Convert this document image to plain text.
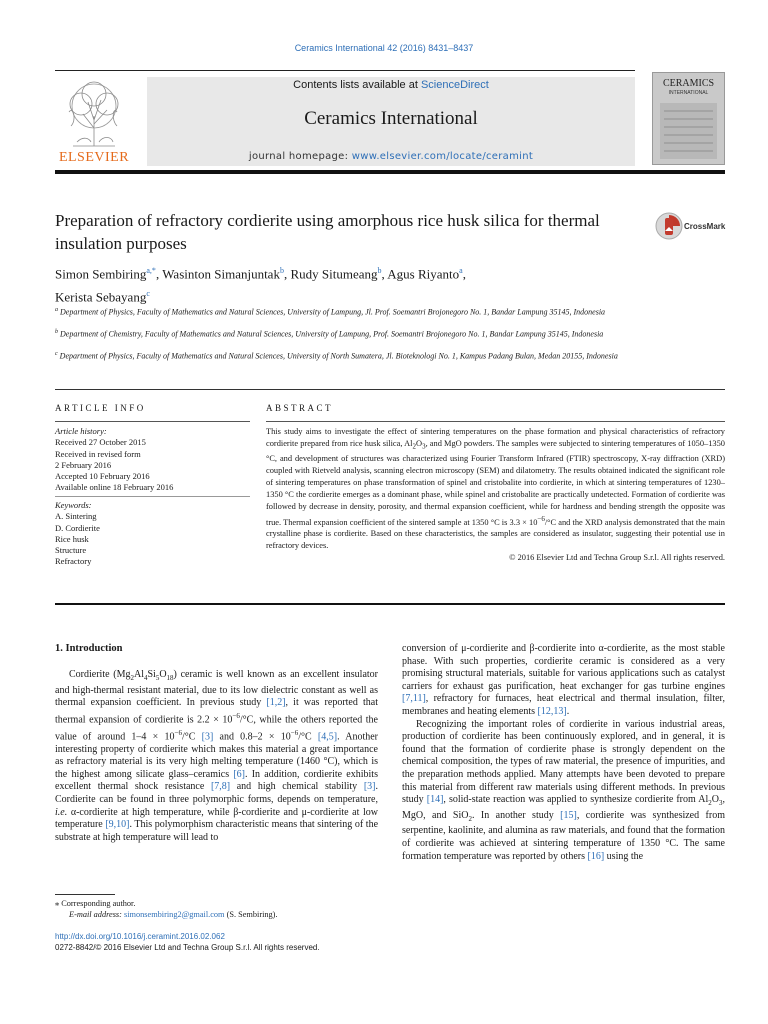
Ceramics International 42 (2016) 8431–8437
ELSEVIER
Contents lists available at ScienceDirect
Ceramics International
journal homepage: www.elsevier.com/locate/ceramint
CERAMICS
INTERNATIONAL
Preparation of refractory cordierite using amorphous rice husk silica for thermal insulation purposes
CrossMark
Simon Sembiring$^{a,*}$, Wasinton Simanjuntak$^b$, Rudy Situmeang$^b$, Agus Riyanto$^a$,
Kerista Sebayang$^c$
$^a$ Department of Physics, Faculty of Mathematics and Natural Sciences, University of Lampung, Jl. Prof. Soemantri Brojonegoro No. 1, Bandar Lampung 35145, Indonesia
$^b$ Department of Chemistry, Faculty of Mathematics and Natural Sciences, University of Lampung, Prof. Soemantri Brojonegoro No. 1, Bandar Lampung 35145, Indonesia
$^c$ Department of Physics, Faculty of Mathematics and Natural Sciences, University of North Sumatera, Jl. Bioteknologi No. 1, Kampus Padang Bulan, Medan 20155, Indonesia
ARTICLE INFO
Article history:
Received 27 October 2015
Received in revised form
2 February 2016
Accepted 10 February 2016
Available online 18 February 2016
Keywords:
A. Sintering
D. Cordierite
Rice husk
Structure
Refractory
ABSTRACT
This study aims to investigate the effect of sintering temperatures on the phase formation and physical characteristics of refractory cordierite prepared from rice husk silica, $Al_2O_3$, and MgO powders. The samples were subjected to sintering temperatures of 1050–1350 °C, and development of structures was characterized using Fourier Transform Infrared (FTIR) spectroscopy, X-ray diffraction (XRD) coupled with Rietveld analysis, scanning electron microscopy (SEM) and dilatometry. The results obtained indicated the significant role of sintering temperatures on phase transformation of spinel and cristobalite into cordierite, in which at sintering temperatures of 1230–1350 °C the cordierite emerges as a dominant phase, while spinel and cristobalite are practically undetected. Formation of cordierite was followed by decrease in density, porosity, and thermal expansion coefficient, while for hardness and bending strength the opposite was true. Thermal expansion coefficient of the sintered sample at 1350 °C is $3.3 \times 10^{-6}/^\circ C$ and the XRD analysis demonstrated that the main crystalline phase is cordierite. Based on these characteristics, the samples are considered as insulator, suggesting their potential use in refractory devices.
© 2016 Elsevier Ltd and Techna Group S.r.l. All rights reserved.
1. Introduction

Cordierite $(Mg_2Al_4Si_5O_{18})$ ceramic is well known as an excellent insulator and high-thermal resistant material, due to its low dielectric constant as well as thermal expansion coefficient. In previous study [1,2], it was reported that thermal expansion of cordierite is $2.2 \times 10^{-6}/^\circ C$, while the others reported the value of around $1-4 \times 10^{-6}/^\circ C$ [3] and $0.8-2 \times 10^{-6}/^\circ C$ [4,5]. Another interesting property of cordierite which makes this material a great importance as refractory material is its very high melting temperature (1460 °C), which is the highest among silicate glass–ceramics [6]. In addition, cordierite exhibits excellent thermal shock resistance [7,8] and high chemical stability [3]. Cordierite can be found in three polymorphic forms, depends on temperature, i.e. α-cordierite at high temperature, while β-cordierite and μ-cordierite at low temperature [9,10]. This polymorphism characteristic means that sintering of the substrate at high temperature will lead to

conversion of μ-cordierite and β-cordierite into α-cordierite, as the most stable phase. With such properties, cordierite ceramic is considered as a very promising structural materials, suitable for various applications such as catalyst carriers for exhaust gas purification, heat exchanger for gas turbine engines [7,11], refractory for furnaces, heat electrical and thermal insulation, filter, membranes and heating elements [12,13].

Recognizing the important roles of cordierite in various industrial areas, production of cordierite has been continuously explored, and in general, it is found that the formation of cordierite phase is strongly dependent on the chemical composition, the types of raw material, the presence of impurities, and the preparation methods applied. Many attempts have been devoted to prepare this material from different raw materials using different methods. In previous study [14], solid-state reaction was applied to synthesize cordierite from $Al_2O_3$, MgO, and SiO$_2$. In another study [15], cordierite was synthesized from serpentine, kaolinite, and alumina as raw materials, and found that the formation of cordierite was achieved at sintering temperature of 1350 °C. The same formation temperature was reported by others [16] using the

⁎ Corresponding author.
E-mail address: simonsembiring2@gmail.com (S. Sembiring).
http://dx.doi.org/10.1016/j.ceramint.2016.02.062
0272-8842/© 2016 Elsevier Ltd and Techna Group S.r.l. All rights reserved.
